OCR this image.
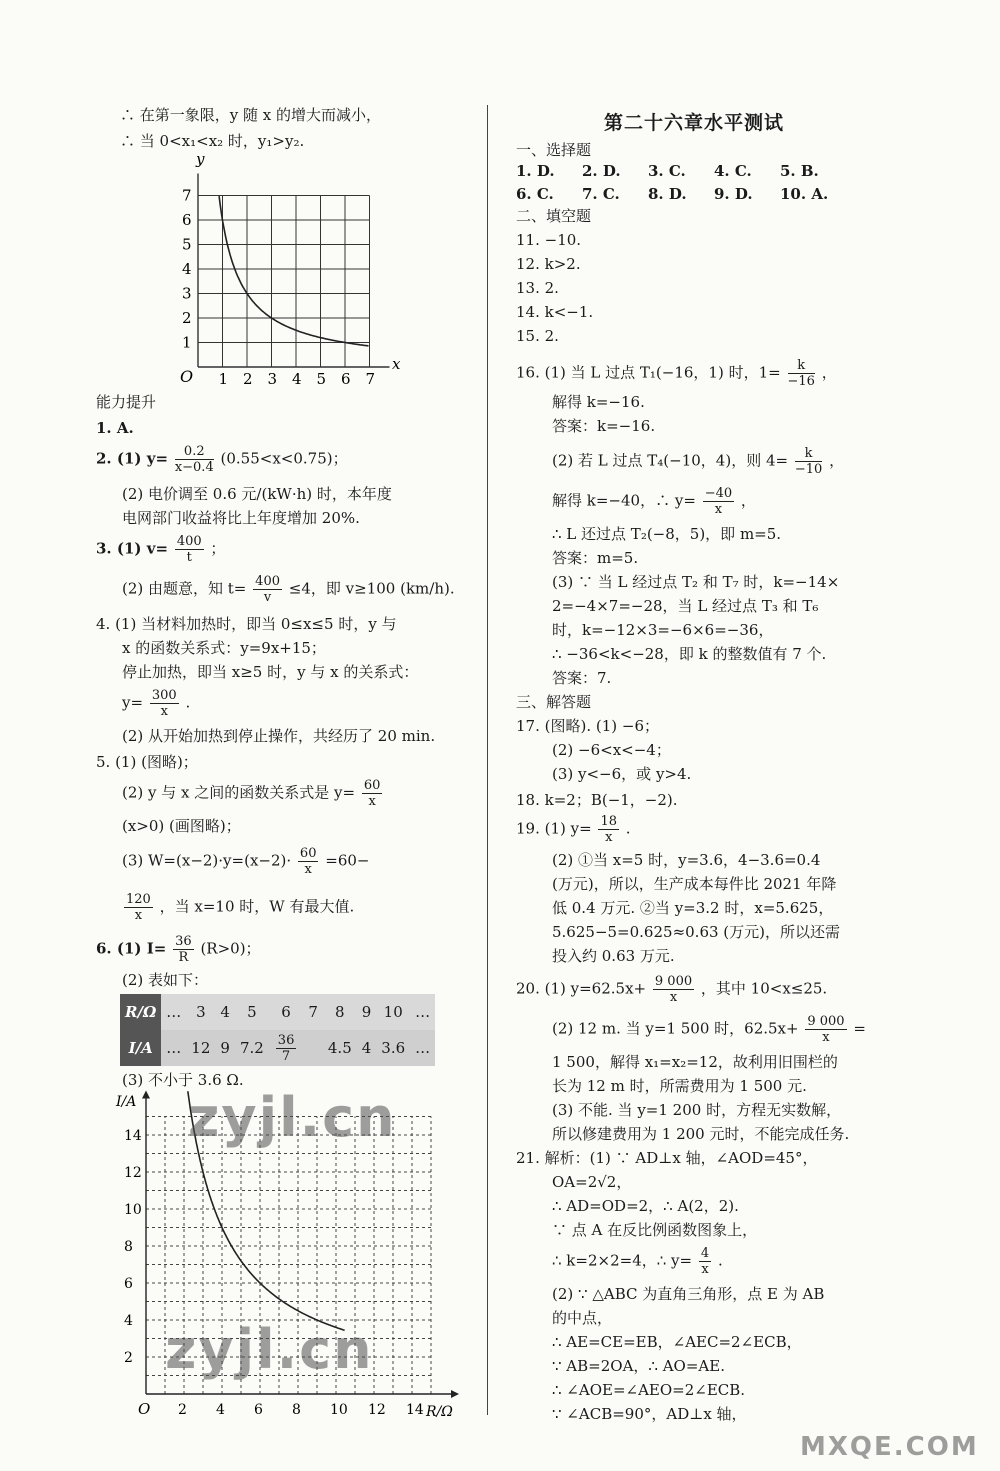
∴ 在第一象限，y 随 x 的增大而减小，
∴ 当 0<x₁<x₂ 时，y₁>y₂.
y
x
O 1 2 3 4 5 6 7
1
2
3
4
5
6
7
能力提升
1. A.
2. (1) $y= \frac{0.2}{x-0.4} (0.55<x<0.75)$；
(2) 电价调至 0.6 元/(kW·h) 时，本年度
电网部门收益将比上年度增加 20%.
3. (1) $v= \frac{400}{t}$ ；
(2) 由题意，知 $t= \frac{400}{v} \le 4$，即 v≥100 (km/h).
4. (1) 当材料加热时，即当 0≤x≤5 时，y 与
x 的函数关系式：y=9x+15；
停止加热，即当 x≥5 时，y 与 x 的关系式：
$y= \frac{300}{x}$ .
(2) 从开始加热到停止操作，共经历了 20 min.
5. (1) (图略)；
(2) y 与 x 之间的函数关系式是 $y= \frac{60}{x}$
(x>0) (画图略)；
(3) $W=(x-2)\cdot y=(x-2)\cdot \frac{60}{x} =60-$
$\frac{120}{x}$ ，当 x=10 时，W 有最大值.
6. (1) $I= \frac{36}{R} (R>0)$；
(2) 表如下：
R/Ω	…	3	4	5	6	7	8	9	10	…
I/A	…	12	9	7.2	$\frac{36}{7}$		4.5	4	3.6	…
(3) 不小于 3.6 Ω.
I/A
R/Ω
O 2 4 6 8 10 12 14
2
4
6
8
10
12
14 zyjl.cn
zyjl.cn
第二十六章水平测试
一、选择题
1. D. 2. D. 3. C. 4. C. 5. B.
6. C. 7. C. 8. D. 9. D. 10. A.
二、填空题
11. −10.
12. k>2.
13. 2.
14. k<−1.
15. 2.
16. (1) 当 L 过点 T₁(−16，1) 时，$1= \frac{k}{-16}$ ，
解得 k=−16.
答案：k=−16.
(2) 若 L 过点 T₄(−10，4)，则 $4= \frac{k}{-10}$ ，
解得 k=−40，∴ $y= \frac{-40}{x}$ ，
∴ L 还过点 T₂(−8，5)，即 m=5.
答案：m=5.
(3) ∵ 当 L 经过点 T₂ 和 T₇ 时，k=−14×
2=−4×7=−28，当 L 经过点 T₃ 和 T₆
时，k=−12×3=−6×6=−36，
∴ −36<k<−28，即 k 的整数值有 7 个.
答案：7.
三、解答题
17. (图略). (1) −6；
(2) −6<x<−4；
(3) y<−6，或 y>4.
18. k=2；B(−1，−2).
19. (1) $y= \frac{18}{x}$ .
(2) ①当 x=5 时，y=3.6，4−3.6=0.4
(万元)，所以，生产成本每件比 2021 年降
低 0.4 万元. ②当 y=3.2 时，x=5.625，
5.625−5=0.625≈0.63 (万元)，所以还需
投入约 0.63 万元.
20. (1) $y=62.5x+ \frac{9 000}{x}$ ，其中 10<x≤25.
(2) 12 m. 当 y=1 500 时，$62.5x+ \frac{9 000}{x}$ =
1 500，解得 x₁=x₂=12，故利用旧围栏的
长为 12 m 时，所需费用为 1 500 元.
(3) 不能. 当 y=1 200 时，方程无实数解，
所以修建费用为 1 200 元时，不能完成任务.
21. 解析：(1) ∵ AD⊥x 轴，∠AOD=45°，
OA=2√2，
∴ AD=OD=2，∴ A(2，2).
∵ 点 A 在反比例函数图象上，
∴ k=2×2=4，∴ $y= \frac{4}{x}$ .
(2) ∵ △ABC 为直角三角形，点 E 为 AB
的中点，
∴ AE=CE=EB，∠AEC=2∠ECB，
∵ AB=2OA，∴ AO=AE.
∴ ∠AOE=∠AEO=2∠ECB.
∵ ∠ACB=90°，AD⊥x 轴，
MXQE.COM
